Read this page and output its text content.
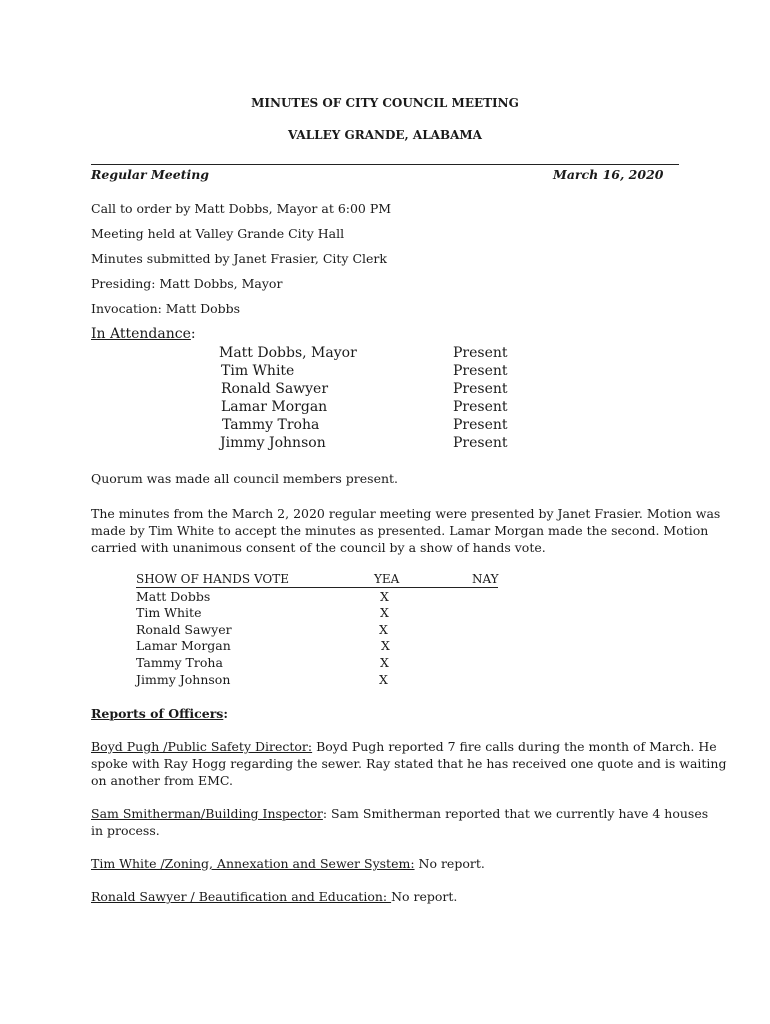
MINUTES OF CITY COUNCIL MEETING
VALLEY GRANDE, ALABAMA
Regular Meeting	March 16, 2020
Call to order by Matt Dobbs, Mayor at 6:00 PM
Meeting held at Valley Grande City Hall
Minutes submitted by Janet Frasier, City Clerk
Presiding: Matt Dobbs, Mayor
Invocation: Matt Dobbs
In Attendance:
Matt Dobbs, Mayor	Present
Tim White	Present
Ronald Sawyer	Present
Lamar Morgan	Present
Tammy Troha	Present
Jimmy Johnson	Present
Quorum was made all council members present.
The minutes from the March 2, 2020 regular meeting were presented by Janet Frasier. Motion was
made by Tim White to accept the minutes as presented. Lamar Morgan made the second. Motion
carried with unanimous consent of the council by a show of hands vote.
SHOW OF HANDS VOTE	YEA	NAY
Matt Dobbs	X
Tim White	X
Ronald Sawyer	X
Lamar Morgan	X
Tammy Troha	X
Jimmy Johnson	X
Reports of Officers:
Boyd Pugh /Public Safety Director: Boyd Pugh reported 7 fire calls during the month of March. He
spoke with Ray Hogg regarding the sewer. Ray stated that he has received one quote and is waiting
on another from EMC.
Sam Smitherman/Building Inspector: Sam Smitherman reported that we currently have 4 houses
in process.
Tim White /Zoning, Annexation and Sewer System: No report.
Ronald Sawyer / Beautification and Education: No report.
